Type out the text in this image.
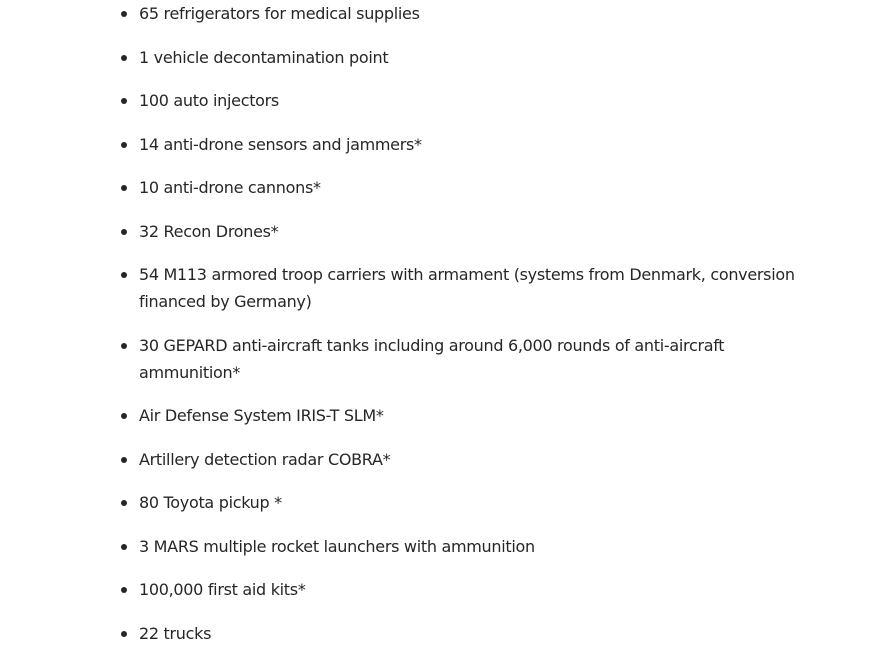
65 refrigerators for medical supplies
1 vehicle decontamination point
100 auto injectors
14 anti-drone sensors and jammers*
10 anti-drone cannons*
32 Recon Drones*
54 M113 armored troop carriers with armament (systems from Denmark, conversion financed by Germany)
30 GEPARD anti-aircraft tanks including around 6,000 rounds of anti-aircraft ammunition*
Air Defense System IRIS-T SLM*
Artillery detection radar COBRA*
80 Toyota pickup *
3 MARS multiple rocket launchers with ammunition
100,000 first aid kits*
22 trucks
